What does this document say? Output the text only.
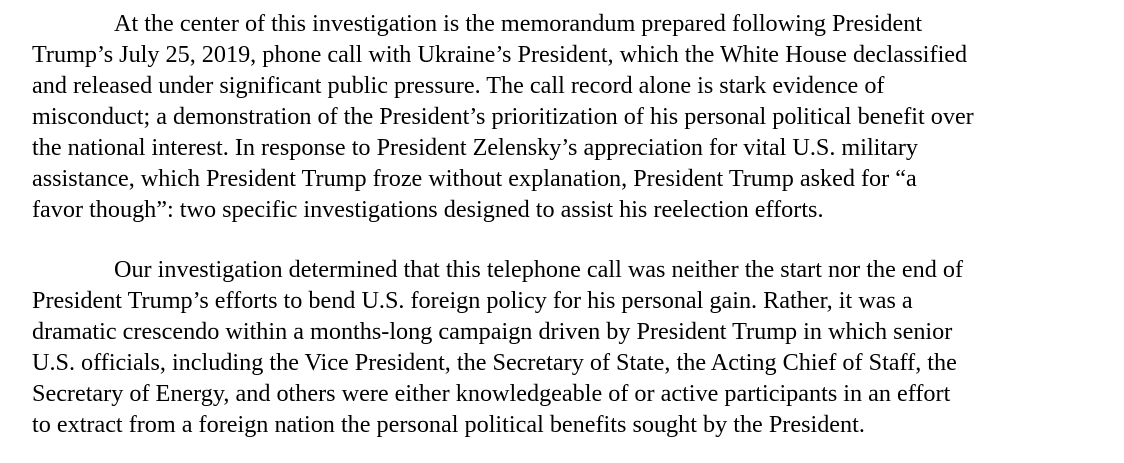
At the center of this investigation is the memorandum prepared following President

Trump’s July 25, 2019, phone call with Ukraine’s President, which the White House declassified

and released under significant public pressure. The call record alone is stark evidence of

misconduct; a demonstration of the President’s prioritization of his personal political benefit over

the national interest. In response to President Zelensky’s appreciation for vital U.S. military

assistance, which President Trump froze without explanation, President Trump asked for “a

favor though”: two specific investigations designed to assist his reelection efforts.

Our investigation determined that this telephone call was neither the start nor the end of

President Trump’s efforts to bend U.S. foreign policy for his personal gain. Rather, it was a

dramatic crescendo within a months-long campaign driven by President Trump in which senior

U.S. officials, including the Vice President, the Secretary of State, the Acting Chief of Staff, the

Secretary of Energy, and others were either knowledgeable of or active participants in an effort

to extract from a foreign nation the personal political benefits sought by the President.
